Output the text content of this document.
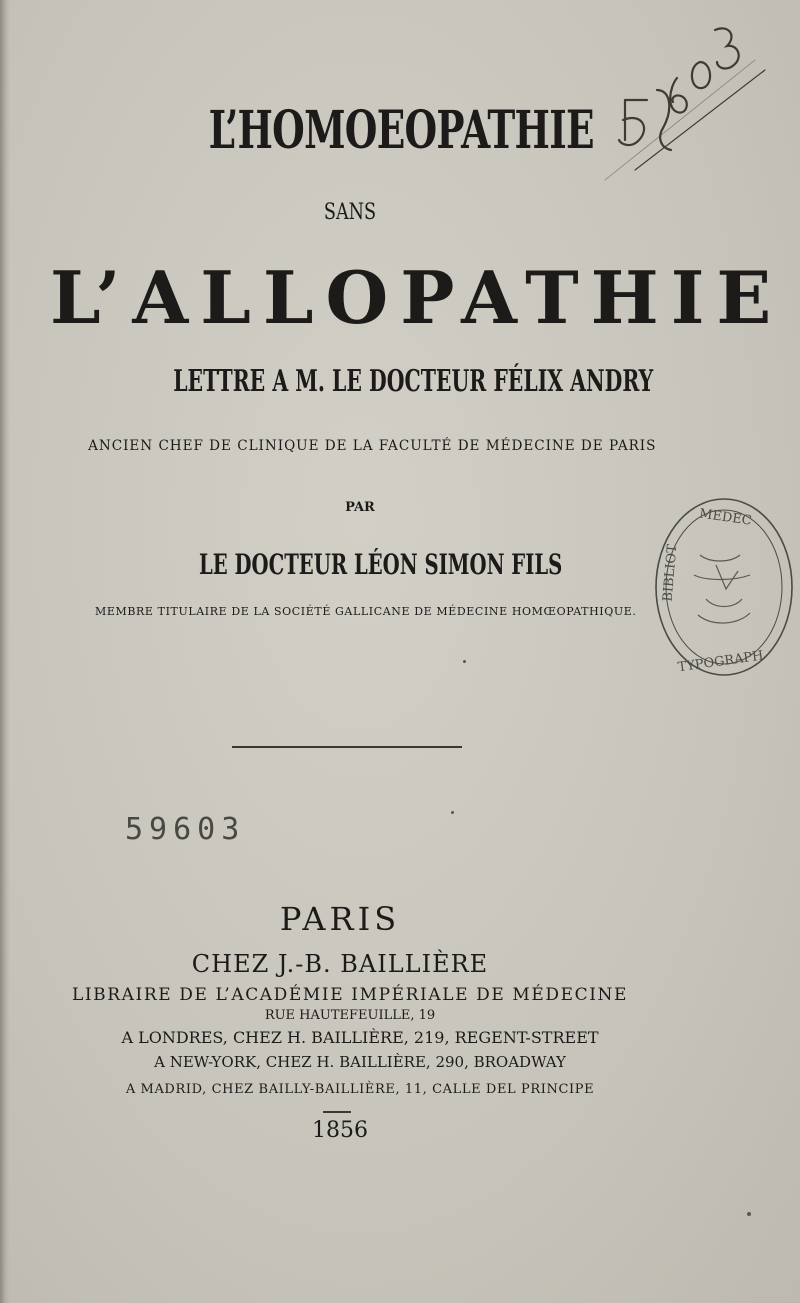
L’HOMOEOPATHIE
SANS
L’ALLOPATHIE
LETTRE A M. LE DOCTEUR FÉLIX ANDRY
ANCIEN CHEF DE CLINIQUE DE LA FACULTÉ DE MÉDECINE DE PARIS
PAR
LE DOCTEUR LÉON SIMON FILS
MEMBRE TITULAIRE DE LA SOCIÉTÉ GALLICANE DE MÉDECINE HOMŒOPATHIQUE.
59603
MEDEC
TYPOGRAPH
BIBLIOT
PARIS
CHEZ J.-B. BAILLIÈRE
LIBRAIRE DE L’ACADÉMIE IMPÉRIALE DE MÉDECINE
RUE HAUTEFEUILLE, 19
A LONDRES, CHEZ H. BAILLIÈRE, 219, REGENT-STREET
A NEW-YORK, CHEZ H. BAILLIÈRE, 290, BROADWAY
A MADRID, CHEZ BAILLY-BAILLIÈRE, 11, CALLE DEL PRINCIPE
1856
